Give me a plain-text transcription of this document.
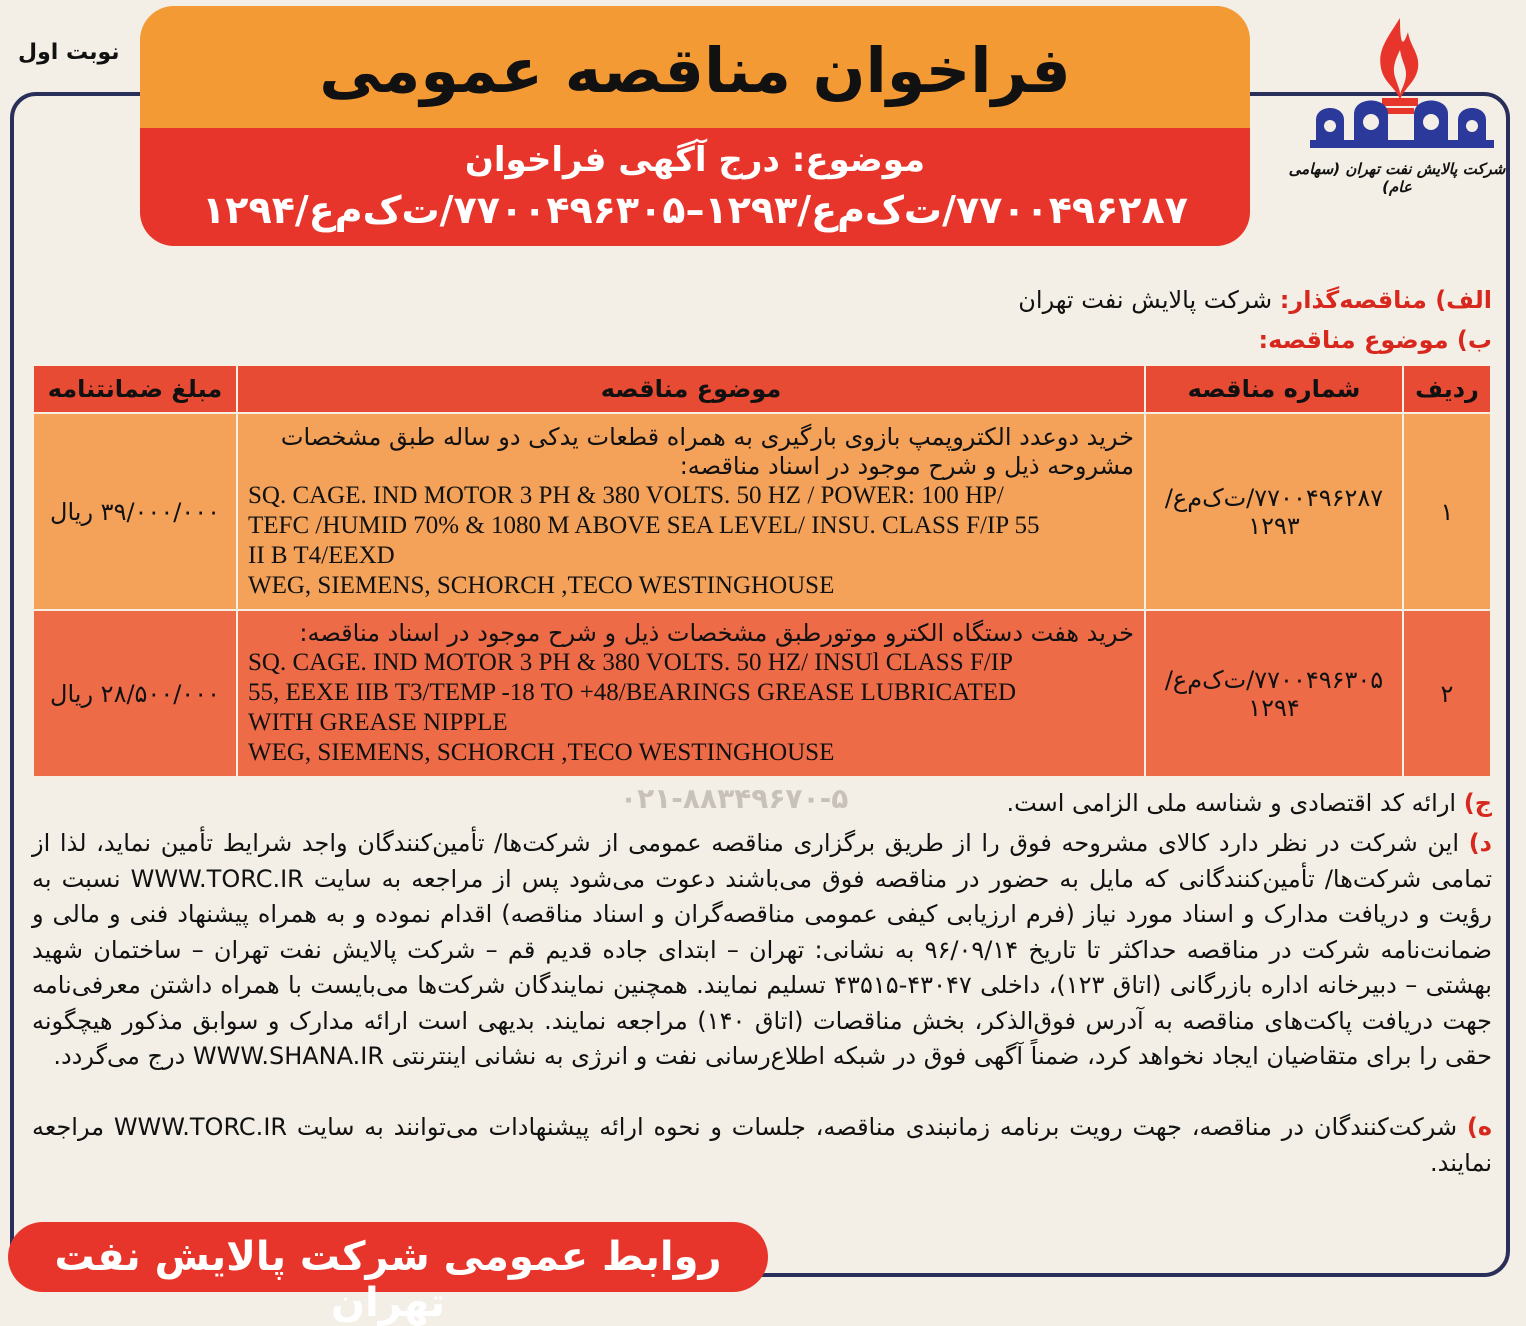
نوبت اول	فراخوان مناقصه عمومی
موضوع: درج آگهی فراخوان
۷۷۰۰۴۹۶۲۸۷/ت‌ک‌م‌ع/۱۲۹۳–۷۷۰۰۴۹۶۳۰۵/ت‌ک‌م‌ع/۱۲۹۴
شرکت پالایش نفت تهران (سهامی عام)
الف) مناقصه‌گذار: شرکت پالایش نفت تهران
ب) موضوع مناقصه:
ردیف	شماره مناقصه	موضوع مناقصه	مبلغ ضمانتنامه
۱	۷۷۰۰۴۹۶۲۸۷/ت‌ک‌م‌ع/۱۲۹۳	خرید دوعدد الکتروپمپ بازوی بارگیری به همراه قطعات یدکی دو ساله طبق مشخصات مشروحه ذیل و شرح موجود در اسناد مناقصه:
SQ. CAGE. IND MOTOR 3 PH & 380 VOLTS. 50 HZ / POWER: 100 HP/
TEFC /HUMID 70% & 1080 M ABOVE SEA LEVEL/ INSU. CLASS F/IP 55
II B T4/EEXD
WEG, SIEMENS, SCHORCH ,TECO WESTINGHOUSE	۳۹/۰۰۰/۰۰۰ ریال
۲	۷۷۰۰۴۹۶۳۰۵/ت‌ک‌م‌ع/۱۲۹۴	خرید هفت دستگاه الکترو موتورطبق مشخصات ذیل و شرح موجود در اسناد مناقصه:
SQ. CAGE. IND MOTOR 3 PH & 380 VOLTS. 50 HZ/ INSUl CLASS F/IP
55, EEXE IIB T3/TEMP -18 TO +48/BEARINGS GREASE LUBRICATED
WITH GREASE NIPPLE
WEG, SIEMENS, SCHORCH ,TECO WESTINGHOUSE	۲۸/۵۰۰/۰۰۰ ریال
۰۲۱-۸۸۳۴۹۶۷۰-۵	ج) ارائه کد اقتصادی و شناسه ملی الزامی است.
د) این شرکت در نظر دارد کالای مشروحه فوق را از طریق برگزاری مناقصه عمومی از شرکت‌ها/ تأمین‌کنندگان واجد شرایط تأمین نماید، لذا از تمامی شرکت‌ها/ تأمین‌کنندگانی که مایل به حضور در مناقصه فوق می‌باشند دعوت می‌شود پس از مراجعه به سایت WWW.TORC.IR نسبت به رؤیت و دریافت مدارک و اسناد مورد نیاز (فرم ارزیابی کیفی عمومی مناقصه‌گران و اسناد مناقصه) اقدام نموده و به همراه پیشنهاد فنی و مالی و ضمانت‌نامه شرکت در مناقصه حداکثر تا تاریخ ۹۶/۰۹/۱۴ به نشانی: تهران – ابتدای جاده قدیم قم – شرکت پالایش نفت تهران – ساختمان شهید بهشتی – دبیرخانه اداره بازرگانی (اتاق ۱۲۳)، داخلی ۴۳۰۴۷-۴۳۵۱۵ تسلیم نمایند. همچنین نمایندگان شرکت‌ها می‌بایست با همراه داشتن معرفی‌نامه جهت دریافت پاکت‌های مناقصه به آدرس فوق‌الذکر، بخش مناقصات (اتاق ۱۴۰) مراجعه نمایند. بدیهی است ارائه مدارک و سوابق مذکور هیچگونه حقی را برای متقاضیان ایجاد نخواهد کرد، ضمناً آگهی فوق در شبکه اطلاع‌رسانی نفت و انرژی به نشانی اینترنتی WWW.SHANA.IR درج می‌گردد.
ه) شرکت‌کنندگان در مناقصه، جهت رویت برنامه زمانبندی مناقصه، جلسات و نحوه ارائه پیشنهادات می‌توانند به سایت WWW.TORC.IR مراجعه نمایند.
روابط عمومی شرکت پالایش نفت تهران
